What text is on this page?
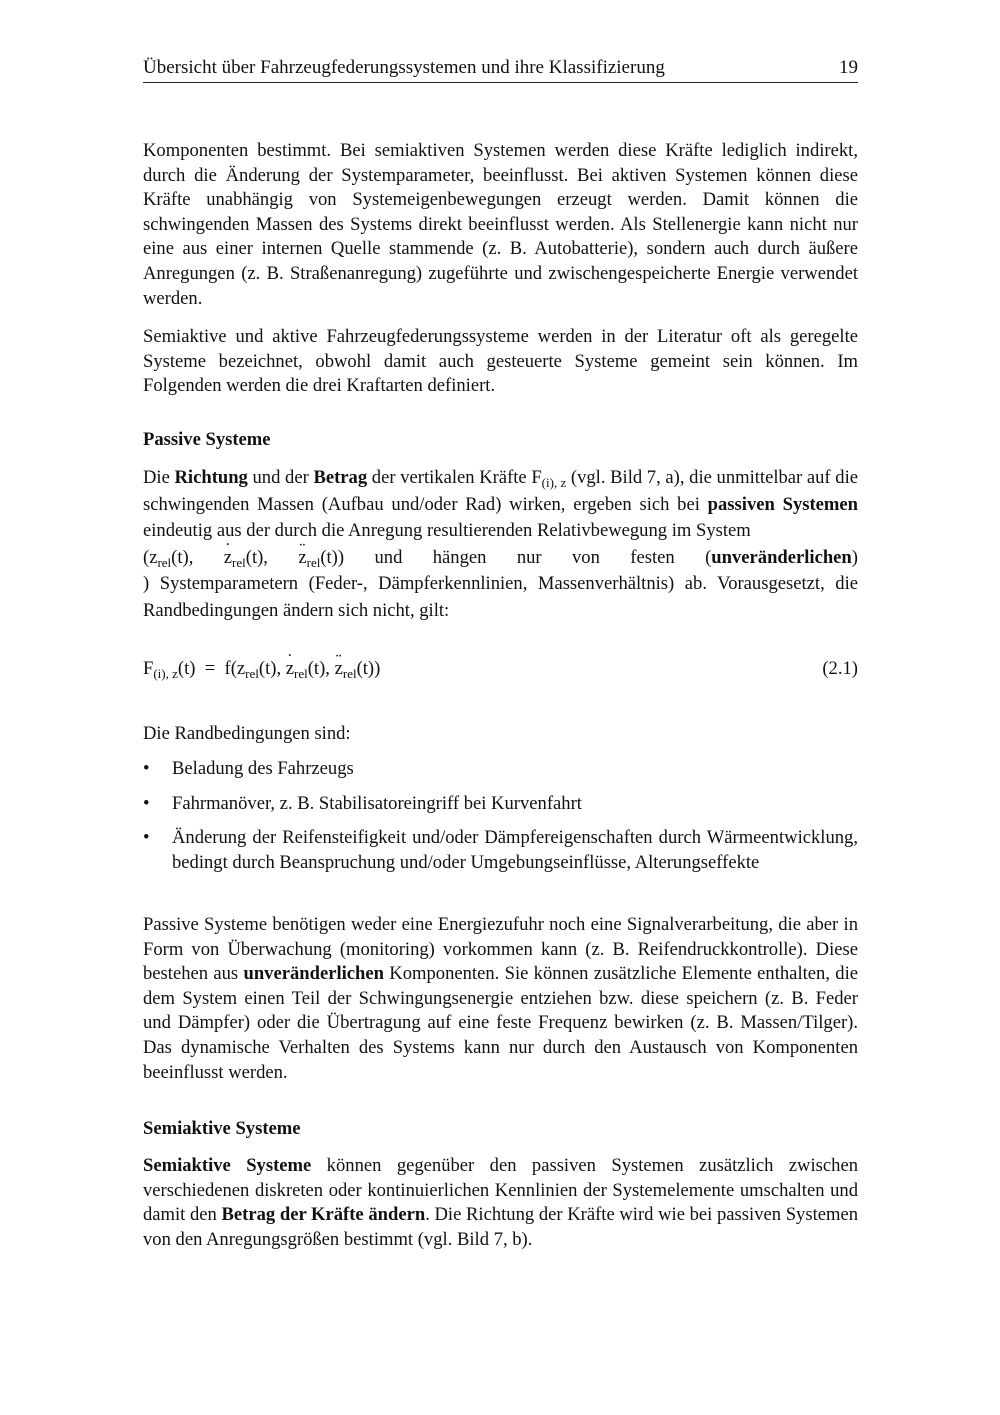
Übersicht über Fahrzeugfederungssystemen und ihre Klassifizierung	19

Komponenten bestimmt. Bei semiaktiven Systemen werden diese Kräfte lediglich indirekt, durch die Änderung der Systemparameter, beeinflusst. Bei aktiven Systemen können diese Kräfte unabhängig von Systemeigenbewegungen erzeugt werden. Damit können die schwingenden Massen des Systems direkt beeinflusst werden. Als Stellenergie kann nicht nur eine aus einer internen Quelle stammende (z. B. Autobatterie), sondern auch durch äußere Anregungen (z. B. Straßenanregung) zugeführte und zwischengespeicherte Energie verwendet werden.

Semiaktive und aktive Fahrzeugfederungssysteme werden in der Literatur oft als geregelte Systeme bezeichnet, obwohl damit auch gesteuerte Systeme gemeint sein können. Im Folgenden werden die drei Kraftarten definiert.

Passive Systeme

Die Richtung und der Betrag der vertikalen Kräfte $F_{(i), z}$ (vgl. Bild 7, a), die unmittelbar auf die schwingenden Massen (Aufbau und/oder Rad) wirken, ergeben sich bei passiven Systemen eindeutig aus der durch die Anregung resultierenden Relativbewegung im System

($z_{rel}(t)$, ˙ $z_{rel}(t)$, ¨ $z_{rel}(t)$) und hängen nur von festen (unveränderlichen)

) Systemparametern (Feder-, Dämpferkennlinien, Massenverhältnis) ab. Vorausgesetzt, die Randbedingungen ändern sich nicht, gilt:

$F_{(i), z}(t) = f(z_{rel}(t)$, ˙ $z_{rel}(t)$, ¨ $z_{rel}(t)$)	(2.1)

Die Randbedingungen sind:

• Beladung des Fahrzeugs
• Fahrmanöver, z. B. Stabilisatoreingriff bei Kurvenfahrt
• Änderung der Reifensteifigkeit und/oder Dämpfereigenschaften durch Wärmeentwicklung, bedingt durch Beanspruchung und/oder Umgebungseinflüsse, Alterungseffekte

Passive Systeme benötigen weder eine Energiezufuhr noch eine Signalverarbeitung, die aber in Form von Überwachung (monitoring) vorkommen kann (z. B. Reifendruckkontrolle). Diese bestehen aus unveränderlichen Komponenten. Sie können zusätzliche Elemente enthalten, die dem System einen Teil der Schwingungsenergie entziehen bzw. diese speichern (z. B. Feder und Dämpfer) oder die Übertragung auf eine feste Frequenz bewirken (z. B. Massen/Tilger). Das dynamische Verhalten des Systems kann nur durch den Austausch von Komponenten beeinflusst werden.

Semiaktive Systeme

Semiaktive Systeme können gegenüber den passiven Systemen zusätzlich zwischen verschiedenen diskreten oder kontinuierlichen Kennlinien der Systemelemente umschalten und damit den Betrag der Kräfte ändern. Die Richtung der Kräfte wird wie bei passiven Systemen von den Anregungsgrößen bestimmt (vgl. Bild 7, b).
